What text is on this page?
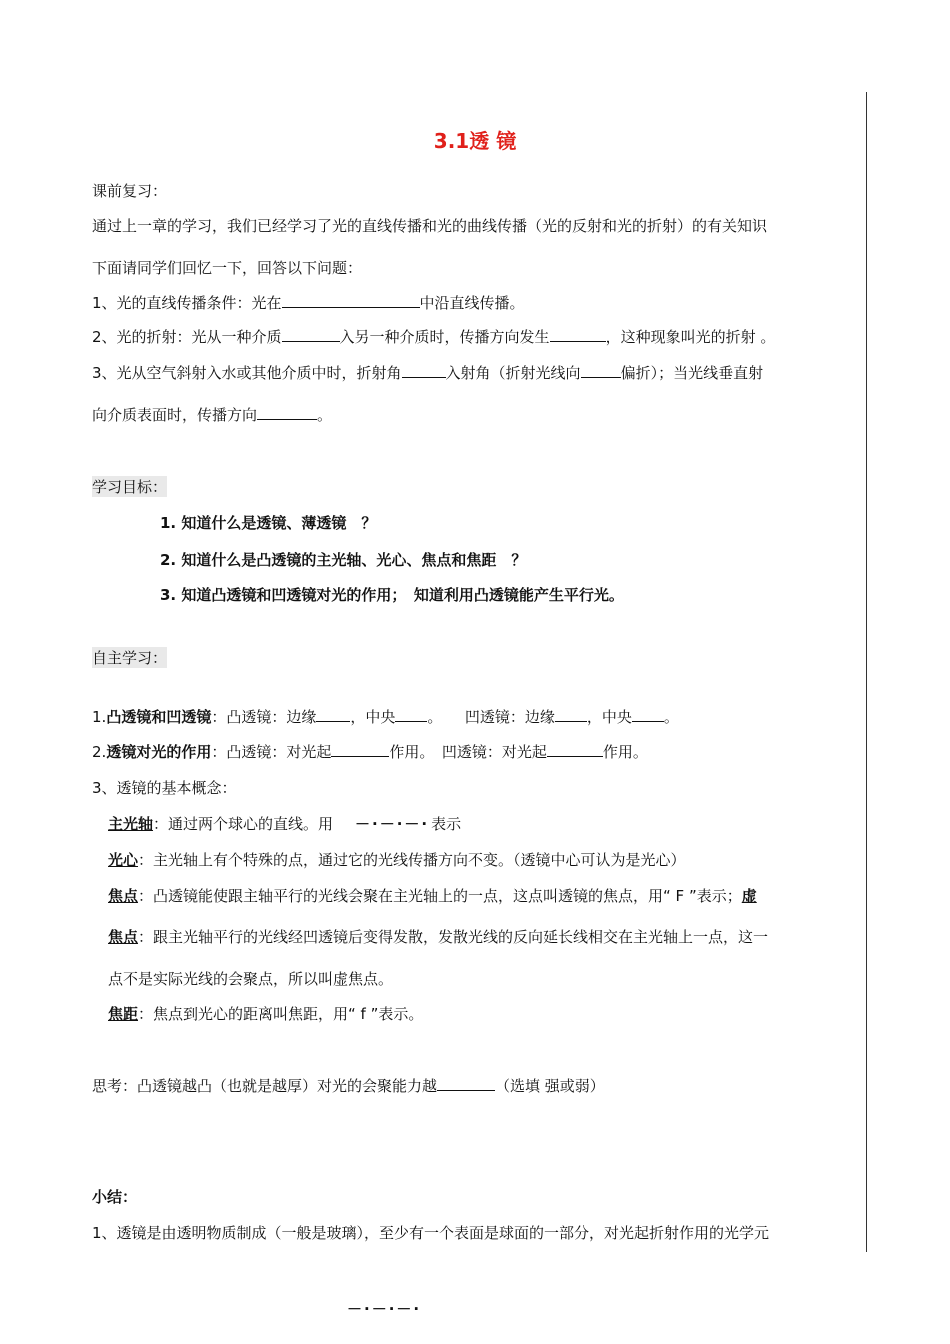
3.1透 镜
课前复习：
通过上一章的学习，我们已经学习了光的直线传播和光的曲线传播（光的反射和光的折射）的有关知识
下面请同学们回忆一下，回答以下问题：
1、光的直线传播条件：光在	中沿直线传播。
2、光的折射：光从一种介质	入另一种介质时，传播方向发生	，这种现象叫光的折射 。
3、光从空气斜射入水或其他介质中时，折射角	入射角（折射光线向	偏折）；当光线垂直射
向介质表面时，传播方向	。
学习目标：
1. 知道什么是透镜、薄透镜　？
2. 知道什么是凸透镜的主光轴、光心、焦点和焦距　？
3. 知道凸透镜和凹透镜对光的作用；　知道利用凸透镜能产生平行光。
自主学习：
1.凸透镜和凹透镜：凸透镜：边缘 ，中央 。　　凹透镜：边缘 ，中央 。
2.透镜对光的作用：凸透镜：对光起	作用。　凹透镜：对光起	作用。
3、透镜的基本概念：
主光轴：通过两个球心的直线。用 －·－·－· 表示
光心：主光轴上有个特殊的点，通过它的光线传播方向不变。（透镜中心可认为是光心）
焦点：凸透镜能使跟主轴平行的光线会聚在主光轴上的一点，这点叫透镜的焦点，用“ F ”表示；虚
焦点：跟主光轴平行的光线经凹透镜后变得发散，发散光线的反向延长线相交在主光轴上一点，这一
点不是实际光线的会聚点，所以叫虚焦点。
焦距：焦点到光心的距离叫焦距，用“ f ”表示。
思考：凸透镜越凸（也就是越厚）对光的会聚能力越	（选填 强或弱）
小结：
1、透镜是由透明物质制成（一般是玻璃），至少有一个表面是球面的一部分，对光起折射作用的光学元
－·－·－·
